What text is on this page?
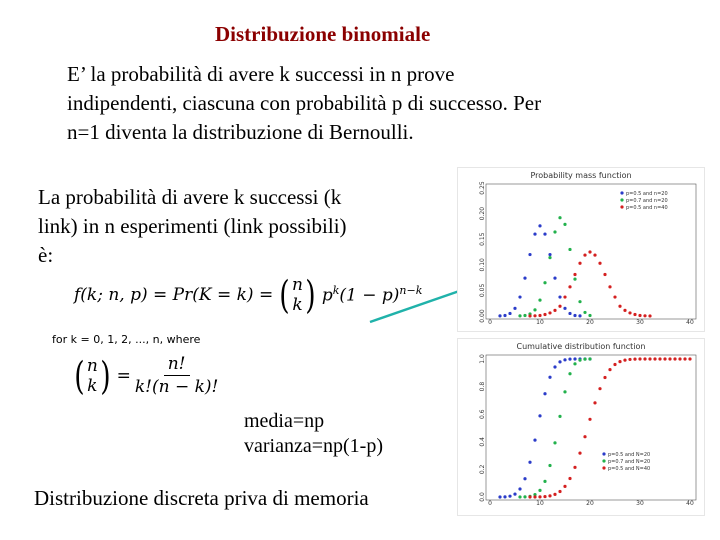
Distribuzione binomiale
E’ la probabilità di avere k successi in n prove
indipendenti, ciascuna con probabilità p di successo. Per
n=1 diventa la distribuzione di Bernoulli.
La probabilità di avere k successi (k
link) in n esperimenti (link possibili)
è:
f(k; n, p) = Pr(K = k) = ( n
k ) $p^k(1 - p)^{n-k}$
for k = 0, 1, 2, ..., n, where
( n
k ) = $\frac{n!}{k!(n - k)!}$
media=np
varianza=np(1-p)
Distribuzione discreta priva di memoria
Probability mass function
0	10	20	30	40
0.00
0.05
0.10
0.15
0.20
0.25	p=0.5 and n=20
p=0.7 and n=20
p=0.5 and n=40
Cumulative distribution function
0	10	20	30	40
0.0
0.2
0.4
0.6
0.8
1.0
p=0.5 and N=20
p=0.7 and N=20
p=0.5 and N=40
